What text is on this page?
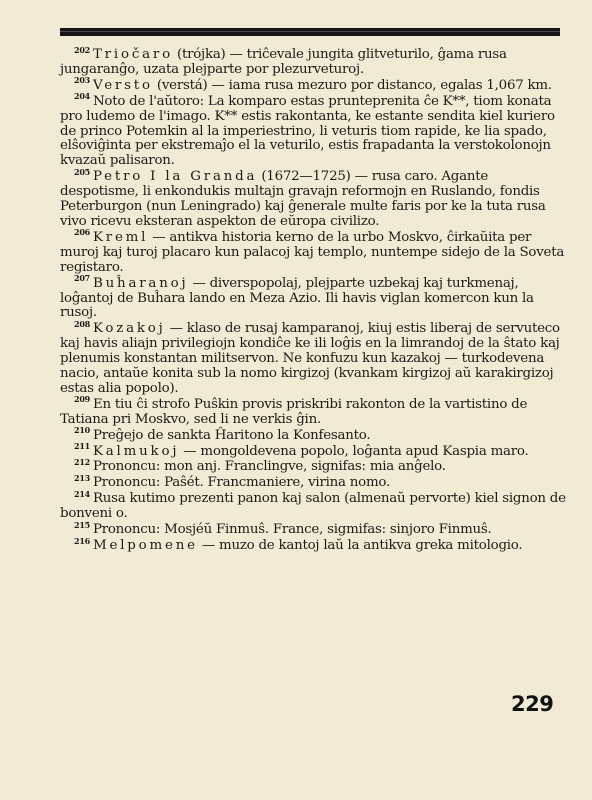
$^{202}$ Triočaro (trójka) — triĉevale jungita glitveturilo, ĝama rusa jungaranĝo, uzata plejparte por plezurveturoj.

$^{203}$ Versto (verstá) — iama rusa mezuro por distanco, egalas 1,067 km.

$^{204}$ Noto de l'aŭtoro: La komparo estas prunteprenita ĉe K**, tiom konata pro ludemo de l'imago. K** estis rakontanta, ke estante sendita kiel kuriero de princo Potemkin al la imperiestrino, li veturis tiom rapide, ke lia spado, elŝoviĝinta per ekstremaĵo el la veturilo, estis frapadanta la verstokolonojn kvazaŭ palisaron.

$^{205}$ Petro I la Granda (1672—1725) — rusa caro. Agante despotisme, li enkondukis multajn gravajn reformojn en Ruslando, fondis Peterburgon (nun Leningrado) kaj ĝenerale multe faris por ke la tuta rusa vivo ricevu eksteran aspekton de eŭropa civilizo.

$^{206}$ Kreml — antikva historia kerno de la urbo Moskvo, ĉirkaŭita per muroj kaj turoj placaro kun palacoj kaj templo, nuntempe sidejo de la Soveta registaro.

$^{207}$ Buĥaranoj — diverspopolaj, plejparte uzbekaj kaj turkmenaj, loĝantoj de Buĥara lando en Meza Azio. Ili havis viglan komercon kun la rusoj.

$^{208}$ Kozakoj — klaso de rusaj kamparanoj, kiuj estis liberaj de servuteco kaj havis aliajn privilegiojn kondiĉe ke ili loĝis en la limrandoj de la ŝtato kaj plenumis konstantan militservon. Ne konfuzu kun kazakoj — turkodevena nacio, antaŭe konita sub la nomo kirgizoj (kvankam kirgizoj aŭ karakirgizoj estas alia popolo).

$^{209}$ En tiu ĉi strofo Puŝkin provis priskribi rakonton de la vartistino de Tatiana pri Moskvo, sed li ne verkis ĝin.

$^{210}$ Preĝejo de sankta Ĥaritono la Konfesanto.

$^{211}$ Kalmukoj — mongoldevena popolo, loĝanta apud Kaspia maro.

$^{212}$ Prononcu: mon anj. Franclingve, signifas: mia anĝelo.

$^{213}$ Prononcu: Paŝét. Francmaniere, virina nomo.

$^{214}$ Rusa kutimo prezenti panon kaj salon (almenaŭ pervorte) kiel signon de bonveni o.

$^{215}$ Prononcu: Mosjéŭ Finmuŝ. France, sigmifas: sinjoro Finmuŝ.

$^{216}$ Melpomene — muzo de kantoj laŭ la antikva greka mitologio.

229
